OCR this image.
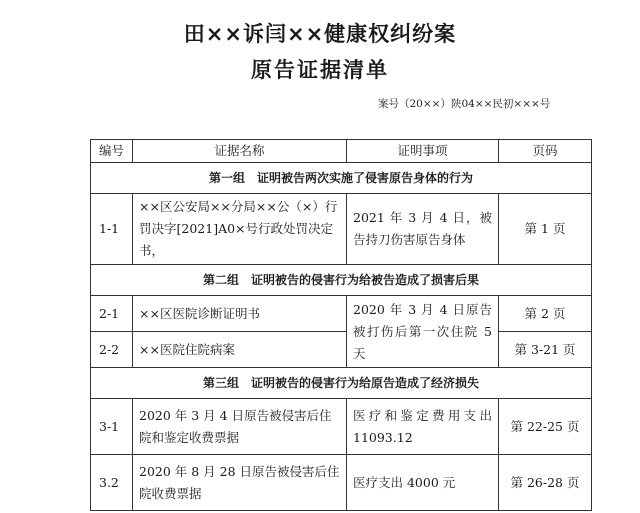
田××诉闫××健康权纠纷案
原告证据清单
案号（20××）陕04××民初×××号
编号	证据名称	证明事项	页码
第一组　证明被告两次实施了侵害原告身体的行为			
1-1	××区公安局××分局××公（×）行罚决字[2021]A0×号行政处罚决定书，	2021 年 3 月 4 日，被告持刀伤害原告身体	第 1 页
第二组　证明被告的侵害行为给被告造成了损害后果			
2-1	××区医院诊断证明书	2020 年 3 月 4 日原告被打伤后第一次住院 5 天	第 2 页
2-2	××医院住院病案		第 3-21 页
第三组　证明被告的侵害行为给原告造成了经济损失			
3-1	2020 年 3 月 4 日原告被侵害后住院和鉴定收费票据	医疗和鉴定费用支出 11093.12	第 22-25 页
3.2	2020 年 8 月 28 日原告被侵害后住院收费票据	医疗支出 4000 元	第 26-28 页
